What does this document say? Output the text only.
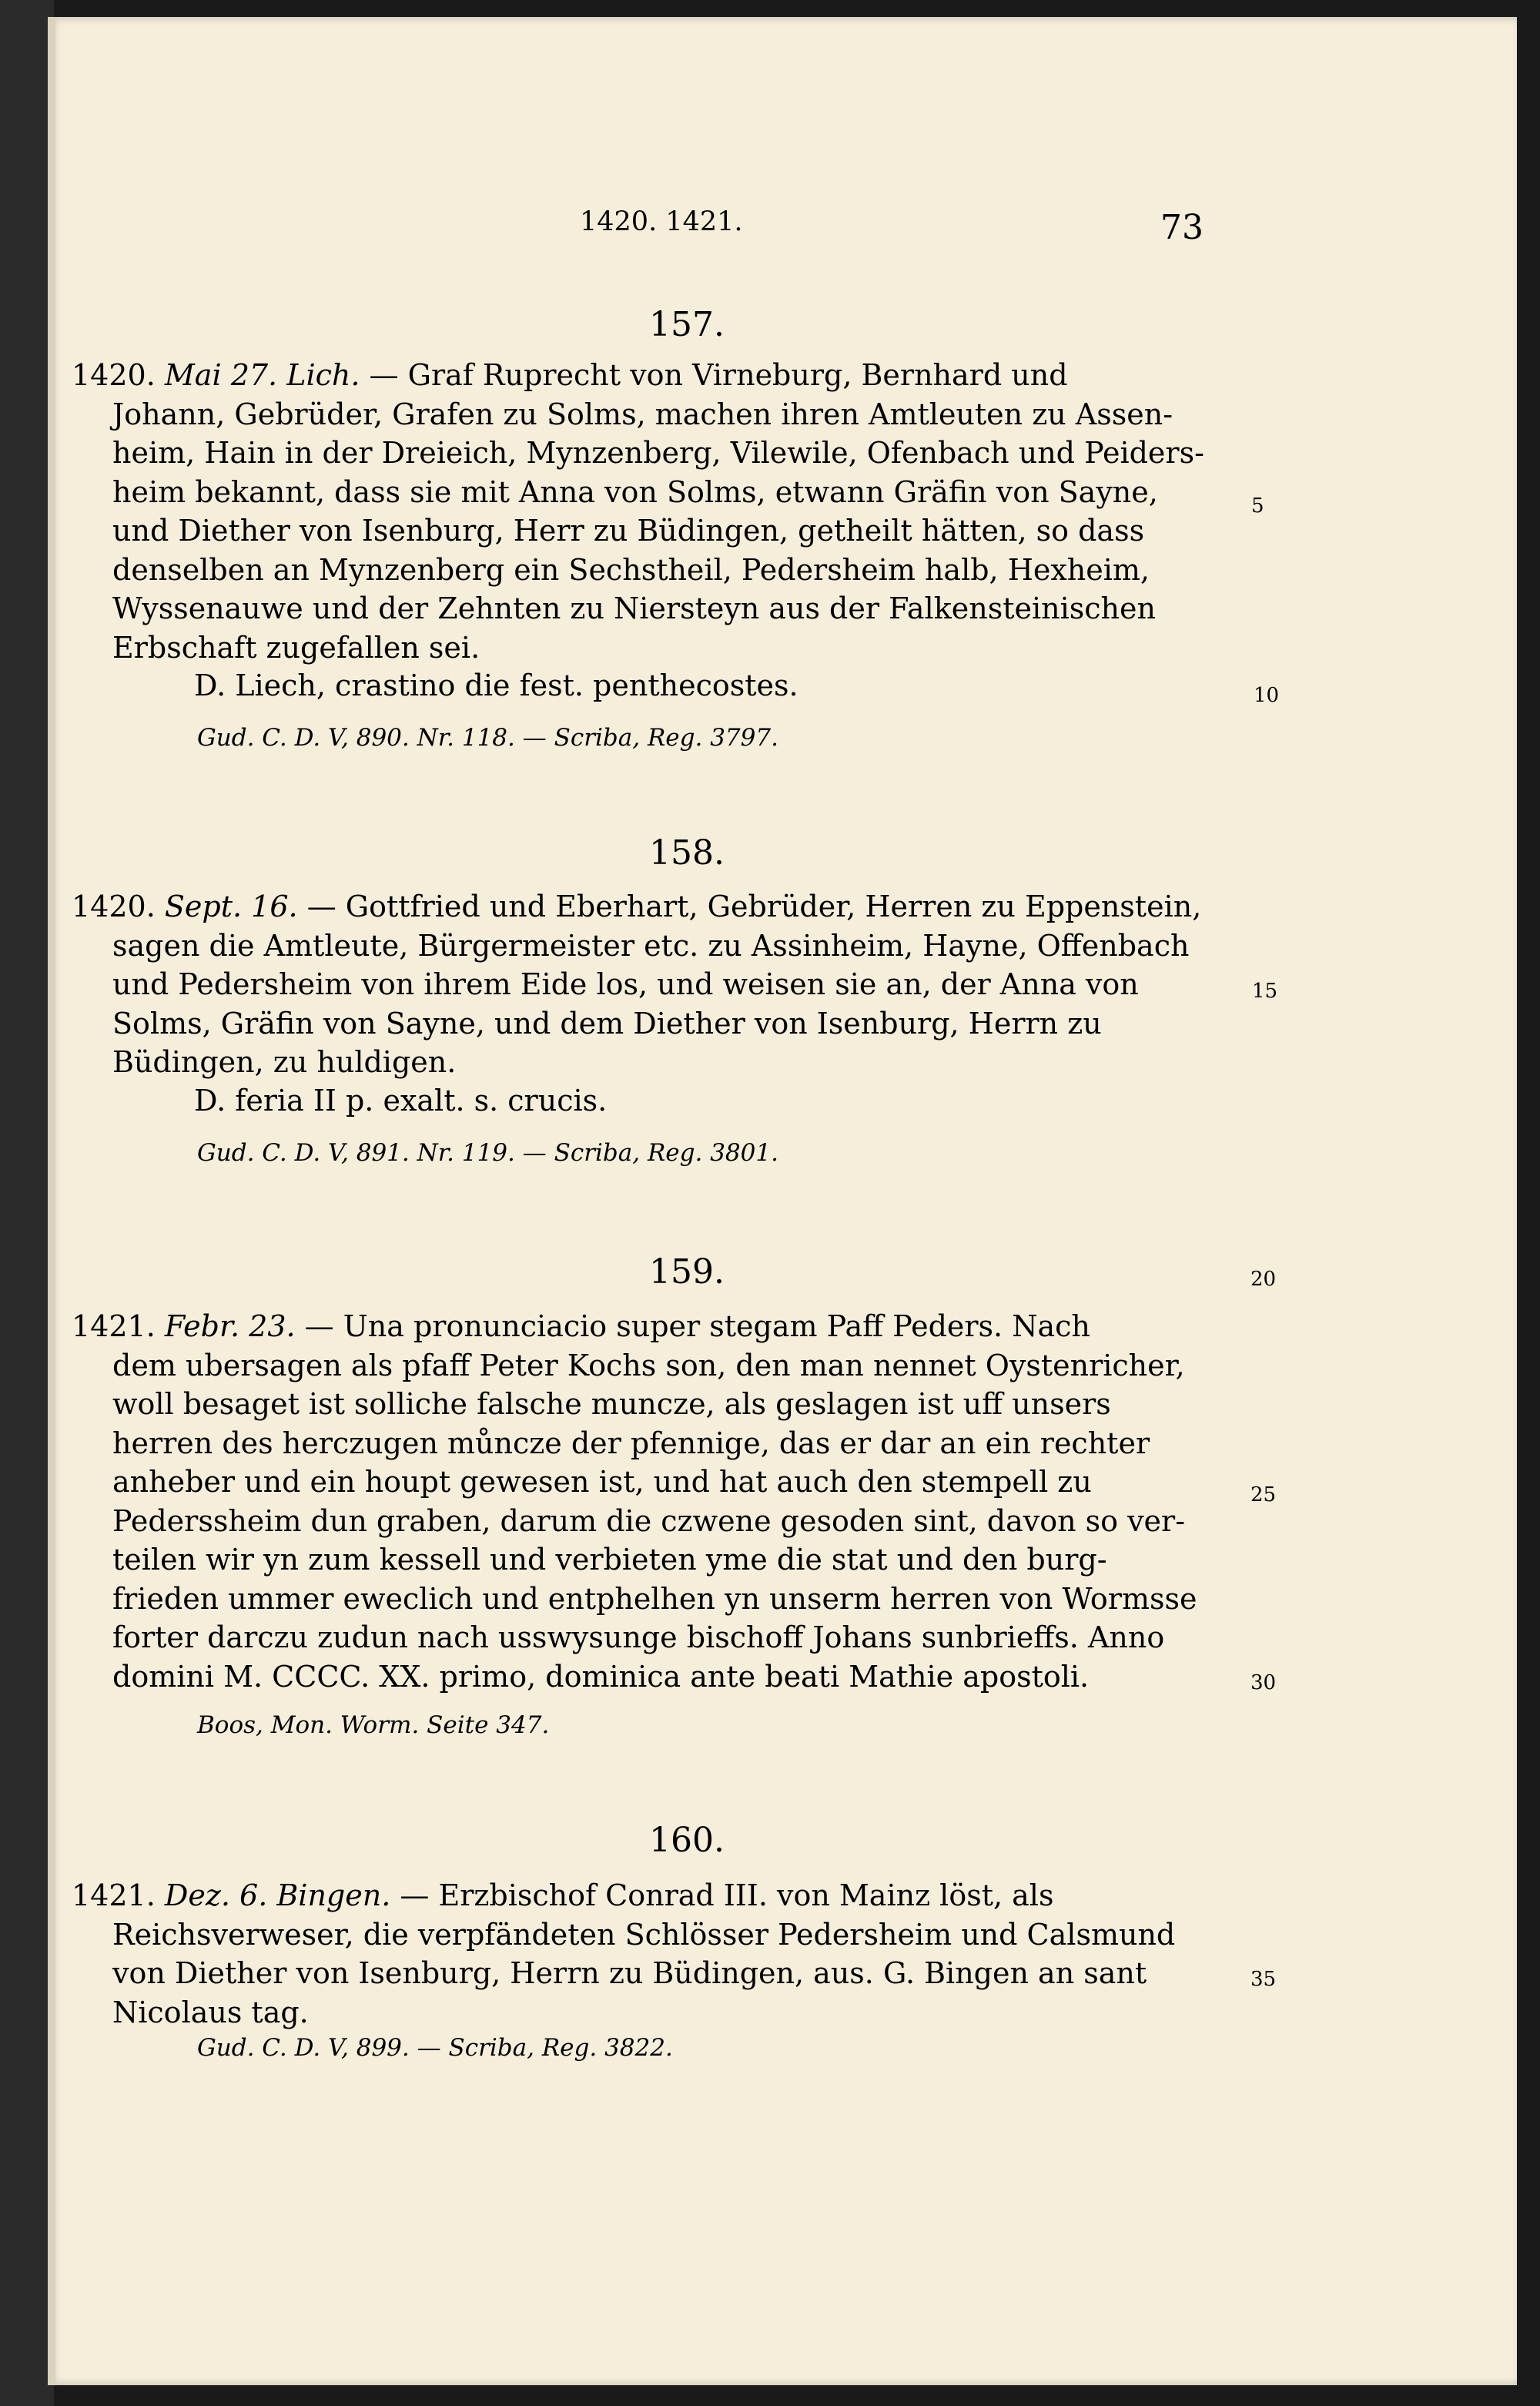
1420. 1421.	73
157.
1420. Mai 27. Lich. — Graf Ruprecht von Virneburg, Bernhard und
Johann, Gebrüder, Grafen zu Solms, machen ihren Amtleuten zu Assen-
heim, Hain in der Dreieich, Mynzenberg, Vilewile, Ofenbach und Peiders-
heim bekannt, dass sie mit Anna von Solms, etwann Gräfin von Sayne,
und Diether von Isenburg, Herr zu Büdingen, getheilt hätten, so dass
denselben an Mynzenberg ein Sechstheil, Pedersheim halb, Hexheim,
Wyssenauwe und der Zehnten zu Niersteyn aus der Falkensteinischen
Erbschaft zugefallen sei.
D. Liech, crastino die fest. penthecostes.
Gud. C. D. V, 890. Nr. 118. — Scriba, Reg. 3797.
158.
1420. Sept. 16. — Gottfried und Eberhart, Gebrüder, Herren zu Eppenstein,
sagen die Amtleute, Bürgermeister etc. zu Assinheim, Hayne, Offenbach
und Pedersheim von ihrem Eide los, und weisen sie an, der Anna von
Solms, Gräfin von Sayne, und dem Diether von Isenburg, Herrn zu
Büdingen, zu huldigen.
D. feria II p. exalt. s. crucis.
Gud. C. D. V, 891. Nr. 119. — Scriba, Reg. 3801.
159.
1421. Febr. 23. — Una pronunciacio super stegam Paff Peders. Nach
dem ubersagen als pfaff Peter Kochs son, den man nennet Oystenricher,
woll besaget ist solliche falsche muncze, als geslagen ist uff unsers
herren des herczugen můncze der pfennige, das er dar an ein rechter
anheber und ein houpt gewesen ist, und hat auch den stempell zu
Pederssheim dun graben, darum die czwene gesoden sint, davon so ver-
teilen wir yn zum kessell und verbieten yme die stat und den burg-
frieden ummer eweclich und entphelhen yn unserm herren von Wormsse
forter darczu zudun nach usswysunge bischoff Johans sunbrieffs. Anno
domini M. CCCC. XX. primo, dominica ante beati Mathie apostoli.
Boos, Mon. Worm. Seite 347.
160.
1421. Dez. 6. Bingen. — Erzbischof Conrad III. von Mainz löst, als
Reichsverweser, die verpfändeten Schlösser Pedersheim und Calsmund
von Diether von Isenburg, Herrn zu Büdingen, aus. G. Bingen an sant
Nicolaus tag.
Gud. C. D. V, 899. — Scriba, Reg. 3822.
5
10
15
20
25
30
35
